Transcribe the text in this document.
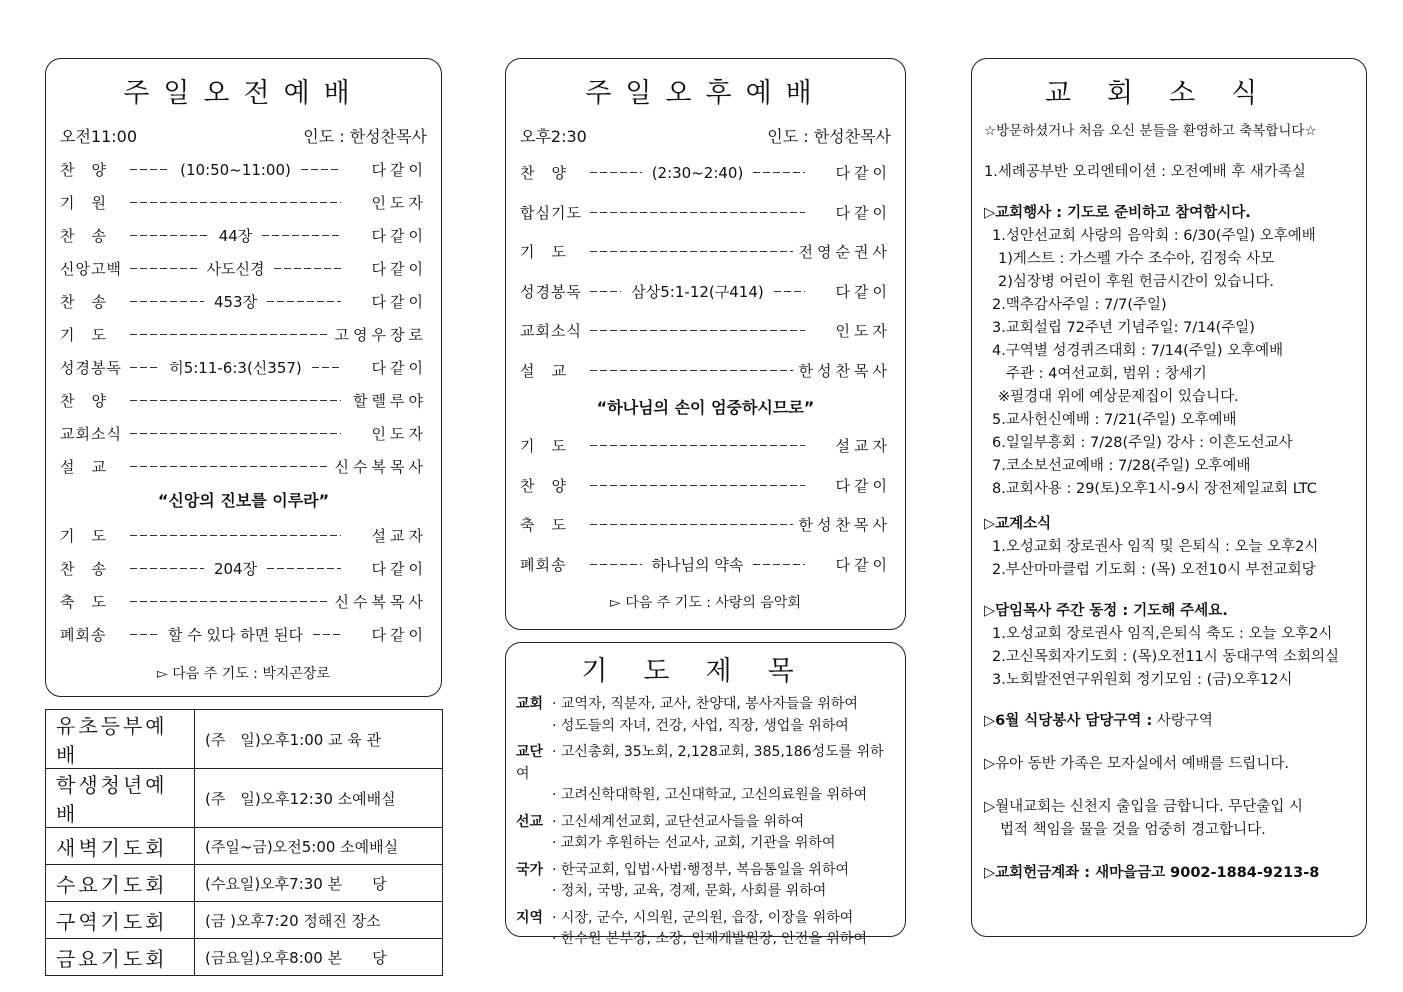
주일오전예배
오전11:00	인도 : 한성찬목사
찬　양	(10:50~11:00)	다같이
기　원	인도자
찬　송	44장	다같이
신앙고백	사도신경	다같이
찬　송	453장	다같이
기　도	고영우장로
성경봉독	히5:11-6:3(신357)	다같이
찬　양	할렐루야
교회소식	인도자
설　교	신수복목사
“신앙의 진보를 이루라”
기　도	설교자
찬　송	204장	다같이
축　도	신수복목사
폐회송	할 수 있다 하면 된다	다같이
▻ 다음 주 기도 : 박지곤장로
유초등부예배	(주　일)오후1:00 교 육 관
학생청년예배	(주　일)오후12:30 소예배실
새벽기도회	(주일~금)오전5:00 소예배실
수요기도회	(수요일)오후7:30 본　　당
구역기도회	(금 )오후7:20 정해진 장소
금요기도회	(금요일)오후8:00 본　　당
주일오후예배
오후2:30	인도 : 한성찬목사
찬　양	(2:30~2:40)	다같이
합심기도	다같이
기　도	전영순권사
성경봉독	삼상5:1-12(구414)	다같이
교회소식	인도자
설　교	한성찬목사
“하나님의 손이 엄중하시므로”
기　도	설교자
찬　양	다같이
축　도	한성찬목사
폐회송	하나님의 약속	다같이
▻ 다음 주 기도 : 사랑의 음악회
기도제목
교회 · 교역자, 직분자, 교사, 찬양대, 봉사자들을 위하여
· 성도들의 자녀, 건강, 사업, 직장, 생업을 위하여
교단 · 고신총회, 35노회, 2,128교회, 385,186성도를 위하여
· 고려신학대학원, 고신대학교, 고신의료원을 위하여
선교 · 고신세계선교회, 교단선교사들을 위하여
· 교회가 후원하는 선교사, 교회, 기관을 위하여
국가 · 한국교회, 입법·사법·행정부, 복음통일을 위하여
· 정치, 국방, 교육, 경제, 문화, 사회를 위하여
지역 · 시장, 군수, 시의원, 군의원, 읍장, 이장을 위하여
· 한수원 본부장, 소장, 인재개발원장, 안전을 위하여
교회소식
☆방문하셨거나 처음 오신 분들을 환영하고 축복합니다☆
1.세례공부반 오리엔테이션 : 오전예배 후 새가족실
▷교회행사 : 기도로 준비하고 참여합시다.
1.성안선교회 사랑의 음악회 : 6/30(주일) 오후예배
1)게스트 : 가스펠 가수 조수아, 김정숙 사모
2)심장병 어린이 후원 헌금시간이 있습니다.
2.맥추감사주일 : 7/7(주일)
3.교회설립 72주년 기념주일: 7/14(주일)
4.구역별 성경퀴즈대회 : 7/14(주일) 오후예배
주관 : 4여선교회, 범위 : 창세기
※필경대 위에 예상문제집이 있습니다.
5.교사헌신예배 : 7/21(주일) 오후예배
6.일일부흥회 : 7/28(주일) 강사 : 이흔도선교사
7.코소보선교예배 : 7/28(주일) 오후예배
8.교회사용 : 29(토)오후1시-9시 장전제일교회 LTC
▷교계소식
1.오성교회 장로권사 임직 및 은퇴식 : 오늘 오후2시
2.부산마마클럽 기도회 : (목) 오전10시 부전교회당
▷담임목사 주간 동정 : 기도해 주세요.
1.오성교회 장로권사 임직,은퇴식 축도 : 오늘 오후2시
2.고신목회자기도회 : (목)오전11시 동대구역 소회의실
3.노회발전연구위원회 정기모임 : (금)오후12시
▷6월 식당봉사 담당구역 : 사랑구역
▷유아 동반 가족은 모자실에서 예배를 드립니다.
▷월내교회는 신천지 출입을 금합니다. 무단출입 시
법적 책임을 물을 것을 엄중히 경고합니다.
▷교회헌금계좌 : 새마을금고 9002-1884-9213-8
